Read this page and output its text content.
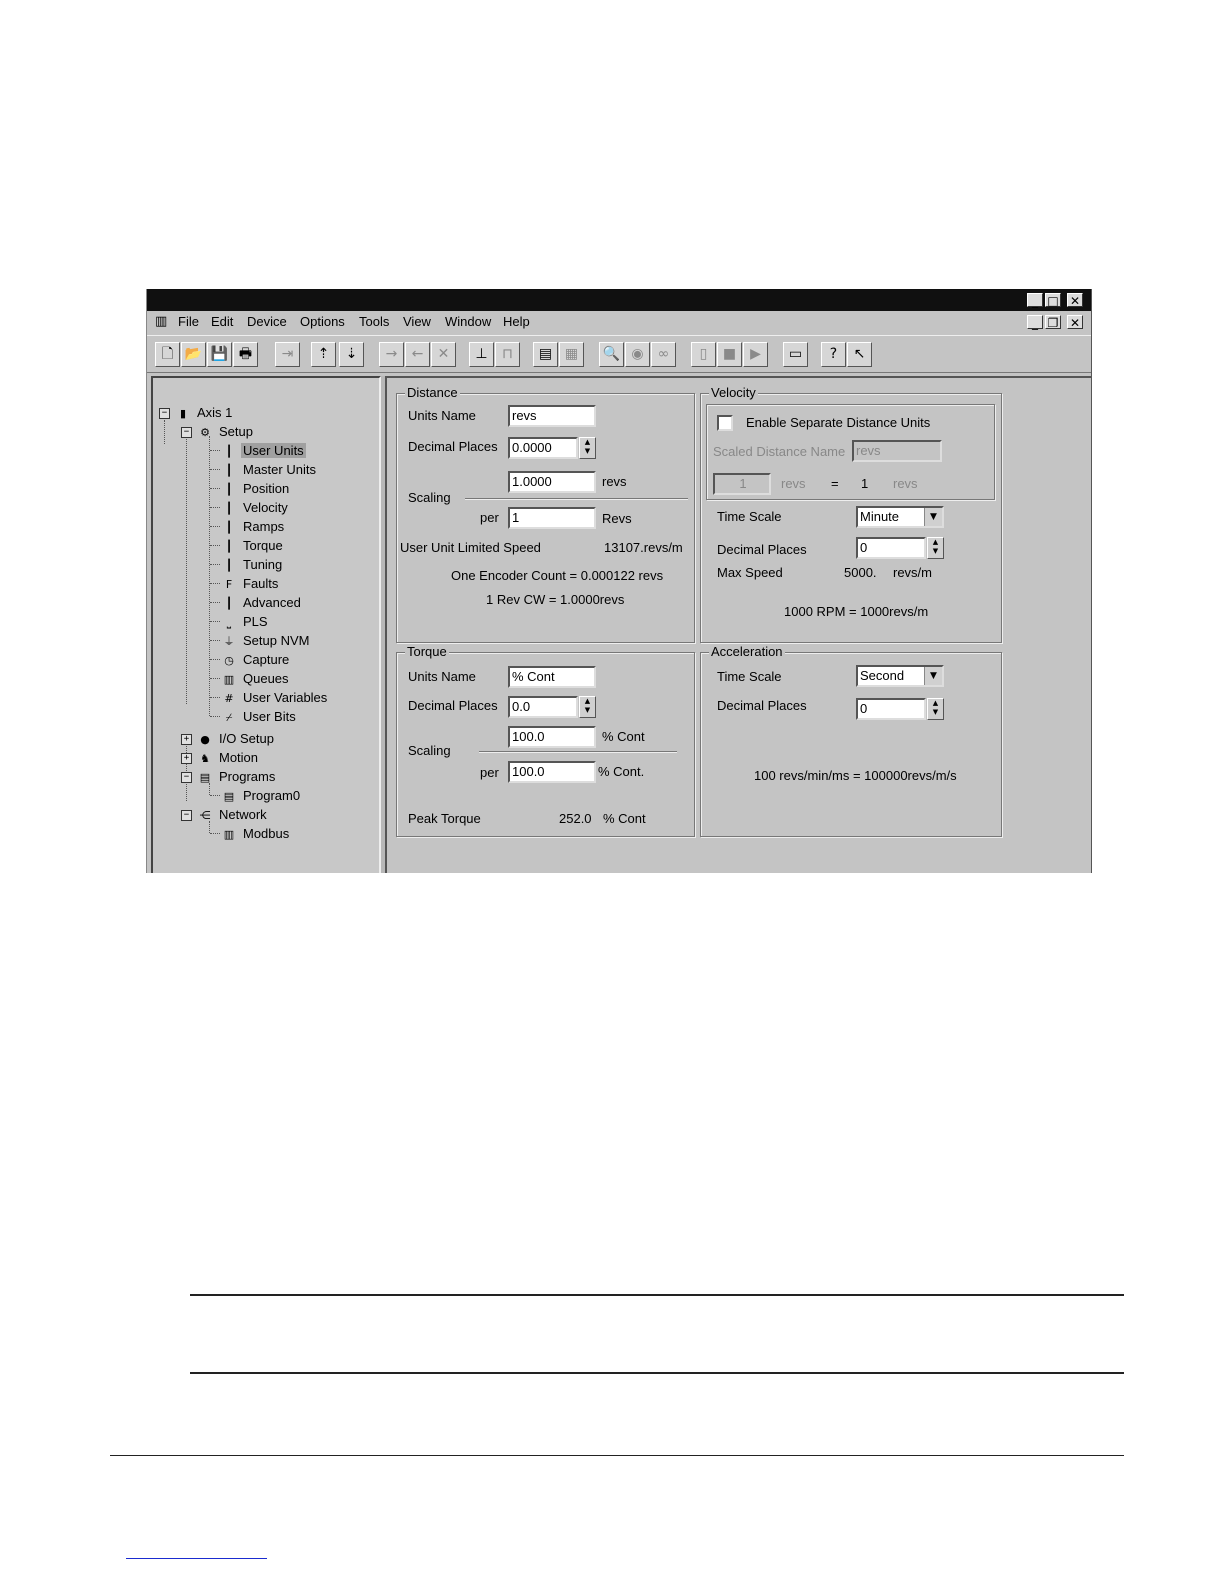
_ □ ✕
▥ File Edit Device Options Tools View Window Help	_ ❐ ✕
🗋 📂 💾 🖶	⇥	⇡	⇣	→	←	✕	⊥	⊓	▤ ▦	🔍 ◉	∞	▯	■	▶	▭	?	↖
−	▮ Axis 1
− ⚙ Setup
┃ User Units
┃ Master Units
┃ Position
┃ Velocity
┃ Ramps
┃ Torque
┃ Tuning
F Faults
┃ Advanced
⎵ PLS
⏚ Setup NVM
◷ Capture
▥ Queues
# User Variables
⌿ User Bits
+ ● I/O Setup
+ ♞ Motion
− ▤ Programs
▤ Program0
− ⋲ Network
▥ Modbus
Distance
Units Name	revs
Decimal Places	0.0000	▲
▼
1.0000	revs
Scaling
per	1	Revs
User Unit Limited Speed	13107.revs/m
One Encoder Count = 0.000122 revs
1 Rev CW = 1.0000revs
Velocity
Enable Separate Distance Units
Scaled Distance Name revs
1	revs = 1 revs
Time Scale	Minute	▼
Decimal Places	0	▲
▼
Max Speed	5000. revs/m
1000 RPM = 1000revs/m
Torque
Units Name	% Cont
Decimal Places	0.0	▲
▼
100.0	% Cont
Scaling
per	100.0	% Cont.
Peak Torque	252.0 % Cont
Acceleration
Time Scale	Second	▼
Decimal Places	0	▲
▼
100 revs/min/ms = 100000revs/m/s
